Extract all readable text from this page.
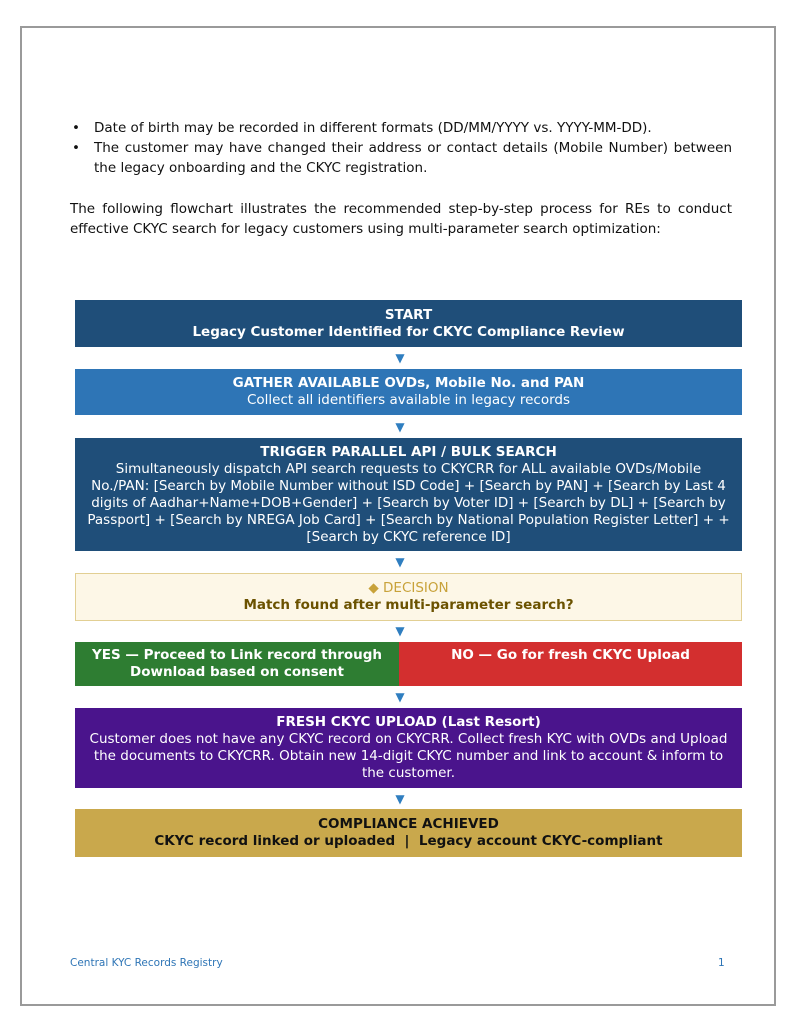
• Date of birth may be recorded in different formats (DD/MM/YYYY vs. YYYY-MM-DD).
• The customer may have changed their address or contact details (Mobile Number) between the legacy onboarding and the CKYC registration.

The following flowchart illustrates the recommended step-by-step process for REs to conduct effective CKYC search for legacy customers using multi-parameter search optimization:

START
Legacy Customer Identified for CKYC Compliance Review
▼
GATHER AVAILABLE OVDs, Mobile No. and PAN
Collect all identifiers available in legacy records
▼
TRIGGER PARALLEL API / BULK SEARCH
Simultaneously dispatch API search requests to CKYCRR for ALL available OVDs/Mobile No./PAN: [Search by Mobile Number without ISD Code] + [Search by PAN] + [Search by Last 4 digits of Aadhar+Name+DOB+Gender] + [Search by Voter ID] + [Search by DL] + [Search by Passport] + [Search by NREGA Job Card] + [Search by National Population Register Letter] + + [Search by CKYC reference ID]
▼
◆ DECISION
Match found after multi-parameter search?
▼
YES — Proceed to Link record through Download based on consent
NO — Go for fresh CKYC Upload
▼
FRESH CKYC UPLOAD (Last Resort)
Customer does not have any CKYC record on CKYCRR. Collect fresh KYC with OVDs and Upload the documents to CKYCRR. Obtain new 14-digit CKYC number and link to account & inform to the customer.
▼
COMPLIANCE ACHIEVED
CKYC record linked or uploaded  |  Legacy account CKYC-compliant
Central KYC Records Registry	1
